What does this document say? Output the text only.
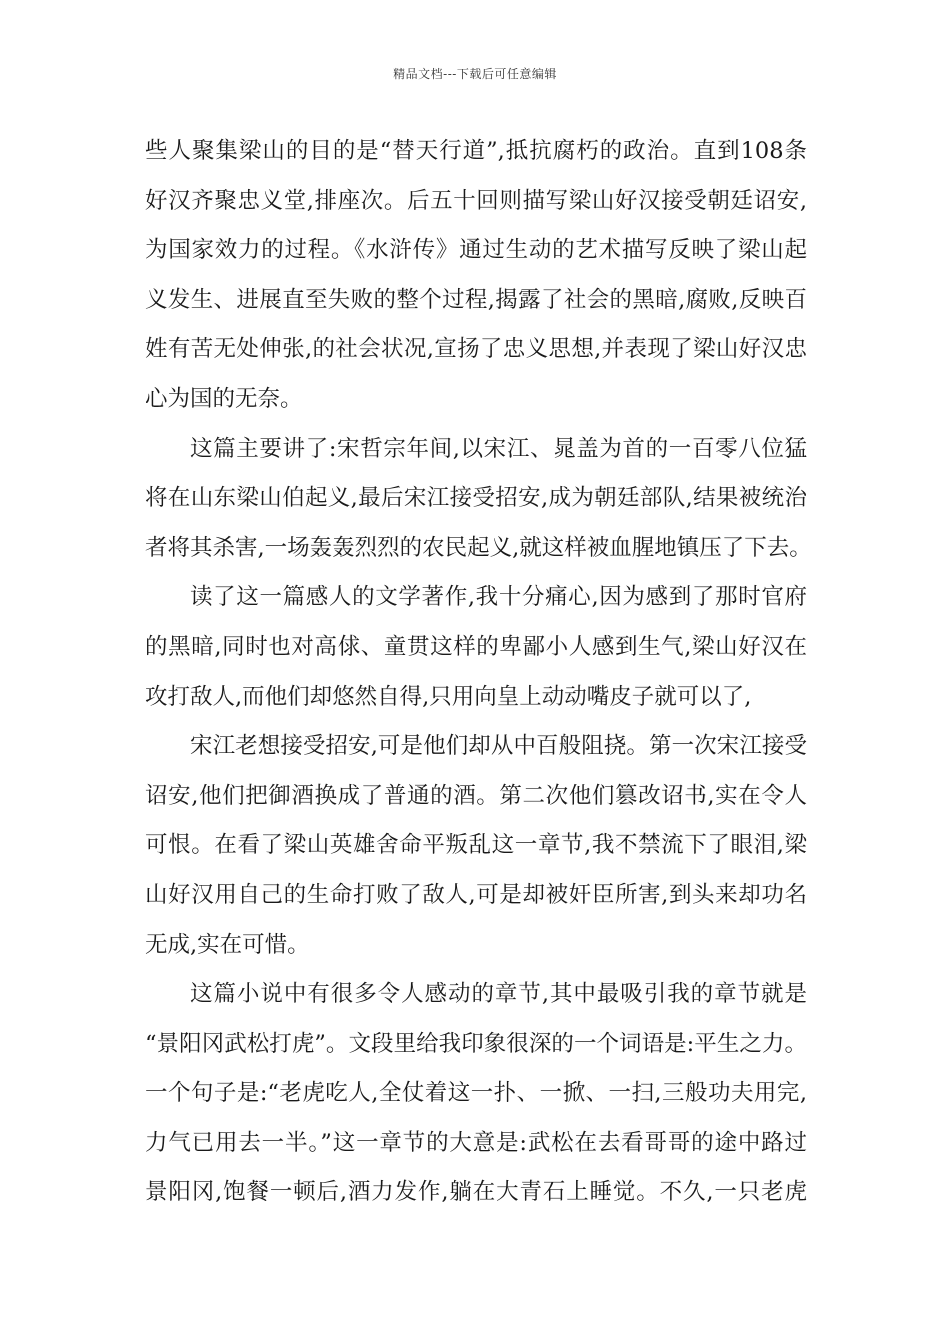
精品文档---下载后可任意编辑
些人聚集梁山的目的是“替天行道”,抵抗腐朽的政治。直到108条
好汉齐聚忠义堂,排座次。后五十回则描写梁山好汉接受朝廷诏安,
为国家效力的过程。《水浒传》通过生动的艺术描写反映了梁山起
义发生、进展直至失败的整个过程,揭露了社会的黑暗,腐败,反映百
姓有苦无处伸张,的社会状况,宣扬了忠义思想,并表现了梁山好汉忠
心为国的无奈。
这篇主要讲了:宋哲宗年间,以宋江、晁盖为首的一百零八位猛
将在山东梁山伯起义,最后宋江接受招安,成为朝廷部队,结果被统治
者将其杀害,一场轰轰烈烈的农民起义,就这样被血腥地镇压了下去。
读了这一篇感人的文学著作,我十分痛心,因为感到了那时官府
的黑暗,同时也对高俅、童贯这样的卑鄙小人感到生气,梁山好汉在
攻打敌人,而他们却悠然自得,只用向皇上动动嘴皮子就可以了,
宋江老想接受招安,可是他们却从中百般阻挠。第一次宋江接受
诏安,他们把御酒换成了普通的酒。第二次他们篡改诏书,实在令人
可恨。在看了梁山英雄舍命平叛乱这一章节,我不禁流下了眼泪,梁
山好汉用自己的生命打败了敌人,可是却被奸臣所害,到头来却功名
无成,实在可惜。
这篇小说中有很多令人感动的章节,其中最吸引我的章节就是
“景阳冈武松打虎”。文段里给我印象很深的一个词语是:平生之力。
一个句子是:“老虎吃人,全仗着这一扑、一掀、一扫,三般功夫用完,
力气已用去一半。”这一章节的大意是:武松在去看哥哥的途中路过
景阳冈,饱餐一顿后,酒力发作,躺在大青石上睡觉。不久,一只老虎
